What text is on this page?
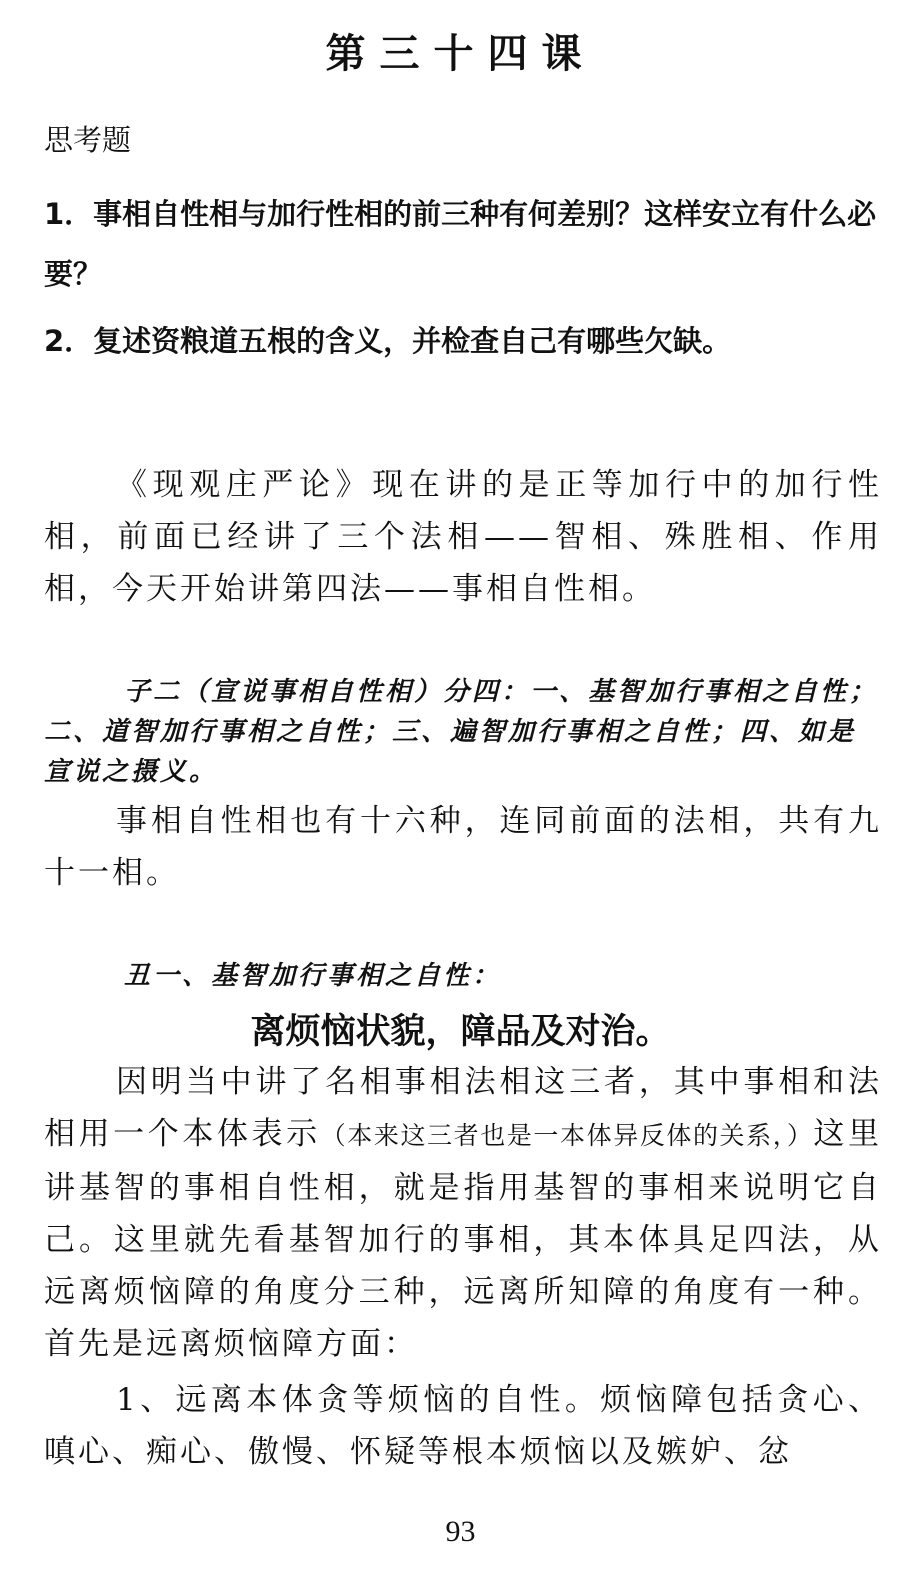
第三十四课
思考题
1．事相自性相与加行性相的前三种有何差别？这样安立有什么必要？
2．复述资粮道五根的含义，并检查自己有哪些欠缺。
《现观庄严论》现在讲的是正等加行中的加行性相，前面已经讲了三个法相——智相、殊胜相、作用相，今天开始讲第四法——事相自性相。
子二（宣说事相自性相）分四：一、基智加行事相之自性；二、道智加行事相之自性；三、遍智加行事相之自性；四、如是宣说之摄义。
事相自性相也有十六种，连同前面的法相，共有九十一相。
丑一、基智加行事相之自性：
离烦恼状貌，障品及对治。
因明当中讲了名相事相法相这三者，其中事相和法相用一个本体表示（本来这三者也是一本体异反体的关系，）这里讲基智的事相自性相，就是指用基智的事相来说明它自己。这里就先看基智加行的事相，其本体具足四法，从远离烦恼障的角度分三种，远离所知障的角度有一种。首先是远离烦恼障方面：
1、远离本体贪等烦恼的自性。烦恼障包括贪心、嗔心、痴心、傲慢、怀疑等根本烦恼以及嫉妒、忿
93
